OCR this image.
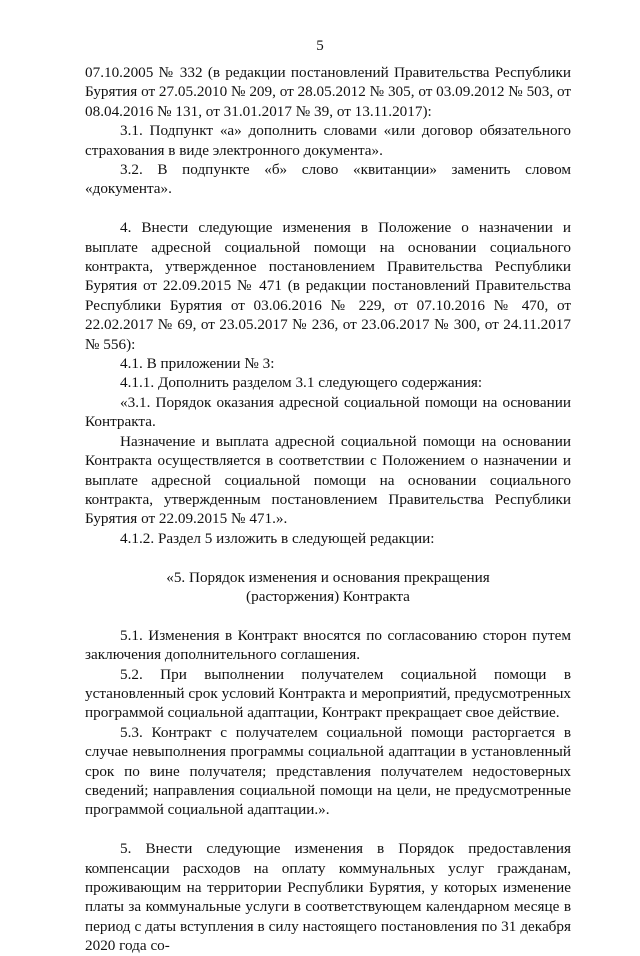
5

07.10.2005 № 332 (в редакции постановлений Правительства Республики Бурятия от 27.05.2010 № 209, от 28.05.2012 № 305, от 03.09.2012 № 503, от 08.04.2016 № 131, от 31.01.2017 № 39, от 13.11.2017):

3.1. Подпункт «а» дополнить словами «или договор обязательного страхования в виде электронного документа».

3.2. В подпункте «б» слово «квитанции» заменить словом «документа».

4. Внести следующие изменения в Положение о назначении и выплате адресной социальной помощи на основании социального контракта, утвержденное постановлением Правительства Республики Бурятия от 22.09.2015 № 471 (в редакции постановлений Правительства Республики Бурятия от 03.06.2016 № 229, от 07.10.2016 № 470, от 22.02.2017 № 69, от 23.05.2017 № 236, от 23.06.2017 № 300, от 24.11.2017 № 556):

4.1. В приложении № 3:

4.1.1. Дополнить разделом 3.1 следующего содержания:

«3.1. Порядок оказания адресной социальной помощи на основании Контракта.

Назначение и выплата адресной социальной помощи на основании Контракта осуществляется в соответствии с Положением о назначении и выплате адресной социальной помощи на основании социального контракта, утвержденным постановлением Правительства Республики Бурятия от 22.09.2015 № 471.».

4.1.2. Раздел 5 изложить в следующей редакции:

«5. Порядок изменения и основания прекращения

(расторжения) Контракта

5.1. Изменения в Контракт вносятся по согласованию сторон путем заключения дополнительного соглашения.

5.2. При выполнении получателем социальной помощи в установленный срок условий Контракта и мероприятий, предусмотренных программой социальной адаптации, Контракт прекращает свое действие.

5.3. Контракт с получателем социальной помощи расторгается в случае невыполнения программы социальной адаптации в установленный срок по вине получателя; представления получателем недостоверных сведений; направления социальной помощи на цели, не предусмотренные программой социальной адаптации.».

5. Внести следующие изменения в Порядок предоставления компенсации расходов на оплату коммунальных услуг гражданам, проживающим на территории Республики Бурятия, у которых изменение платы за коммунальные услуги в соответствующем календарном месяце в период с даты вступления в силу настоящего постановления по 31 декабря 2020 года со-
